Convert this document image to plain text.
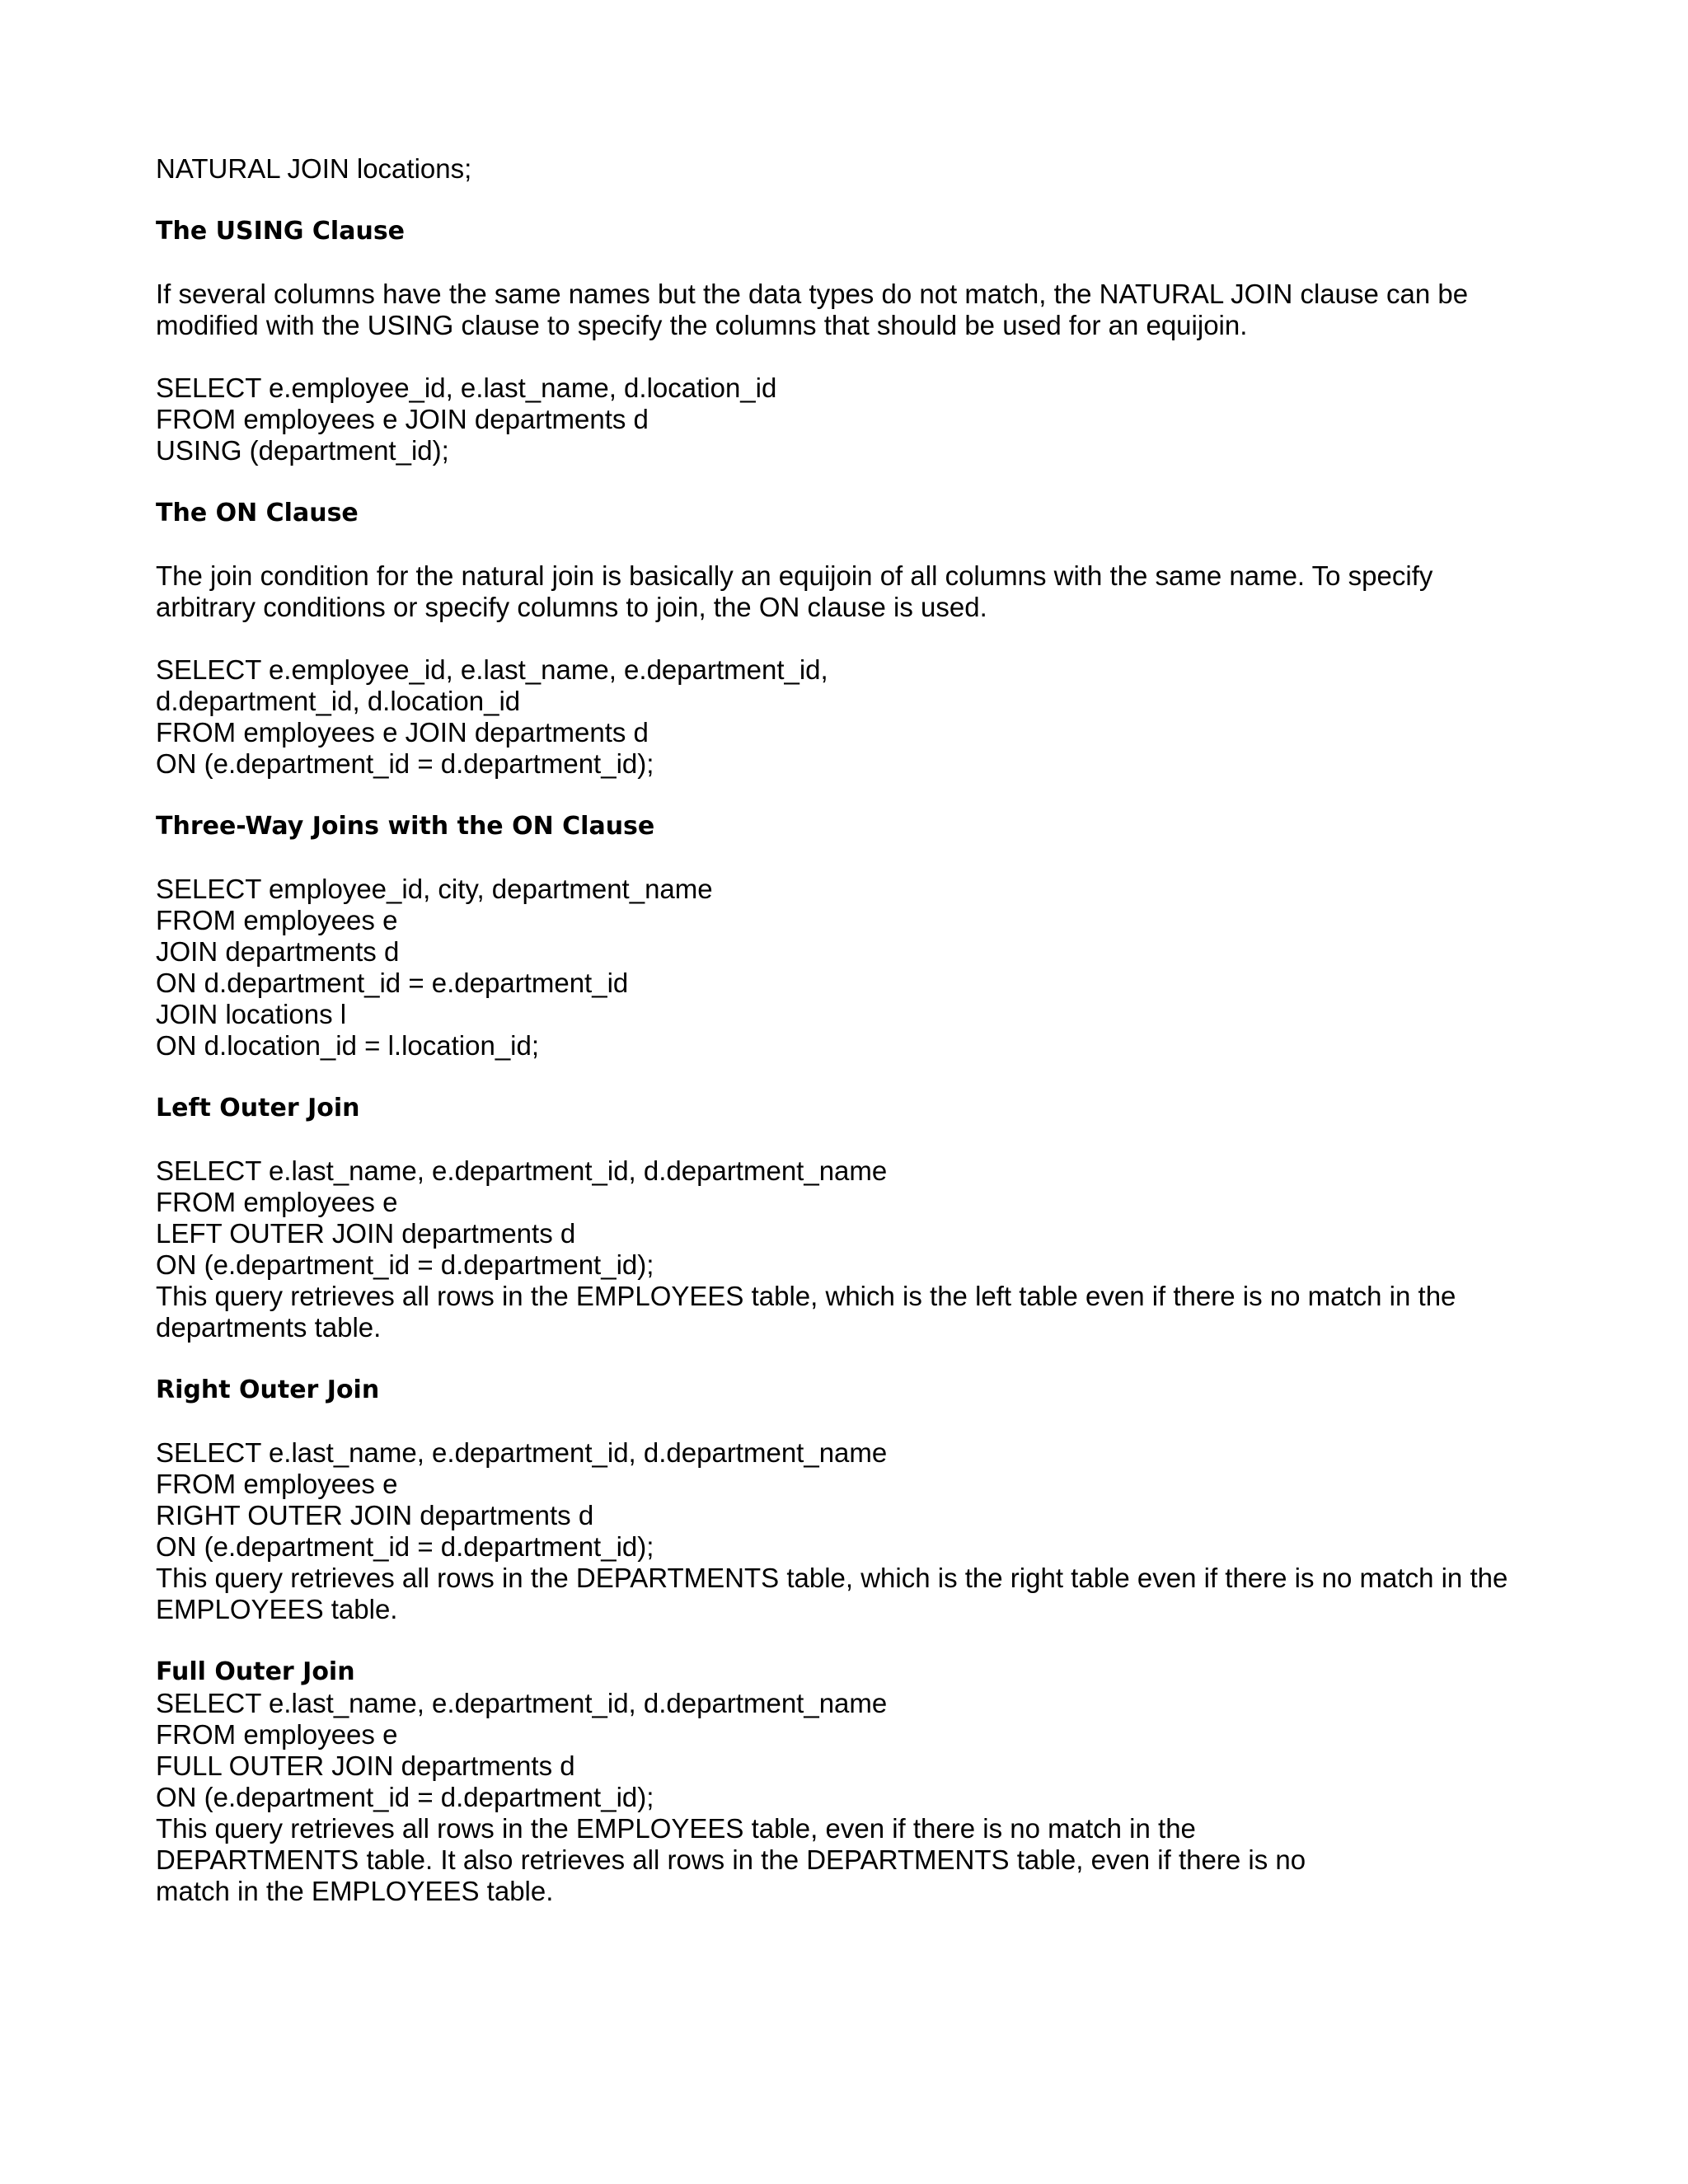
NATURAL JOIN locations;
The USING Clause
If several columns have the same names but the data types do not match, the NATURAL JOIN clause can be
modified with the USING clause to specify the columns that should be used for an equijoin.
SELECT e.employee_id, e.last_name, d.location_id
FROM employees e JOIN departments d
USING (department_id);
The ON Clause
The join condition for the natural join is basically an equijoin of all columns with the same name. To specify
arbitrary conditions or specify columns to join, the ON clause is used.
SELECT e.employee_id, e.last_name, e.department_id,
d.department_id, d.location_id
FROM employees e JOIN departments d
ON (e.department_id = d.department_id);
Three-Way Joins with the ON Clause
SELECT employee_id, city, department_name
FROM employees e
JOIN departments d
ON d.department_id = e.department_id
JOIN locations l
ON d.location_id = l.location_id;
Left Outer Join
SELECT e.last_name, e.department_id, d.department_name
FROM employees e
LEFT OUTER JOIN departments d
ON (e.department_id = d.department_id);
This query retrieves all rows in the EMPLOYEES table, which is the left table even if there is no match in the
departments table.
Right Outer Join
SELECT e.last_name, e.department_id, d.department_name
FROM employees e
RIGHT OUTER JOIN departments d
ON (e.department_id = d.department_id);
This query retrieves all rows in the DEPARTMENTS table, which is the right table even if there is no match in the
EMPLOYEES table.
Full Outer Join
SELECT e.last_name, e.department_id, d.department_name
FROM employees e
FULL OUTER JOIN departments d
ON (e.department_id = d.department_id);
This query retrieves all rows in the EMPLOYEES table, even if there is no match in the
DEPARTMENTS table. It also retrieves all rows in the DEPARTMENTS table, even if there is no
match in the EMPLOYEES table.
